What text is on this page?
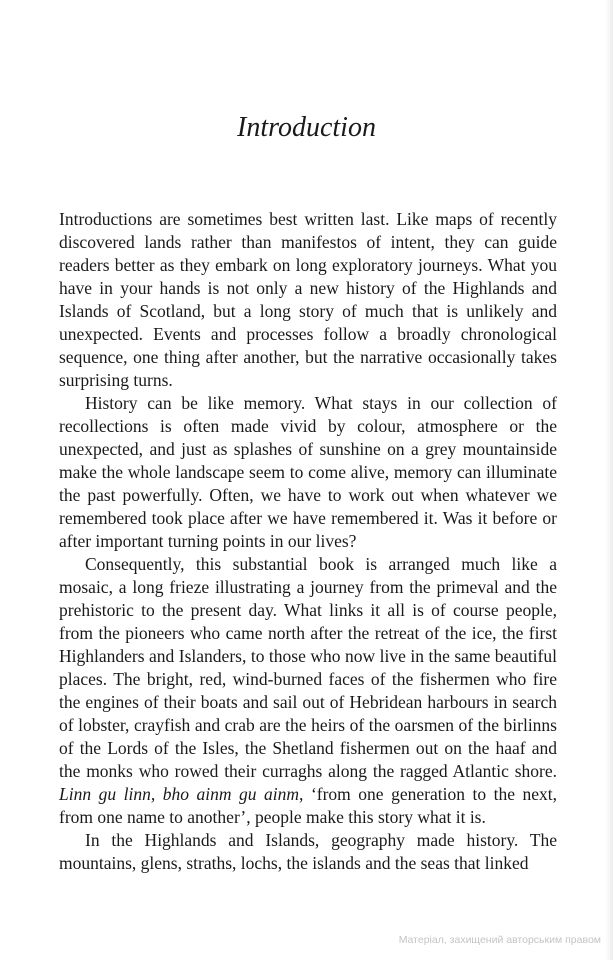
Introduction

Introductions are sometimes best written last. Like maps of recently discovered lands rather than manifestos of intent, they can guide readers better as they embark on long exploratory journeys. What you have in your hands is not only a new history of the Highlands and Islands of Scotland, but a long story of much that is unlikely and unexpected. Events and processes follow a broadly chronological sequence, one thing after another, but the narrative occasionally takes surprising turns.

History can be like memory. What stays in our collection of recollections is often made vivid by colour, atmosphere or the unexpected, and just as splashes of sunshine on a grey mountainside make the whole landscape seem to come alive, memory can illuminate the past powerfully. Often, we have to work out when whatever we remembered took place after we have remembered it. Was it before or after important turning points in our lives?

Consequently, this substantial book is arranged much like a mosaic, a long frieze illustrating a journey from the primeval and the prehistoric to the present day. What links it all is of course people, from the pioneers who came north after the retreat of the ice, the first Highlanders and Islanders, to those who now live in the same beautiful places. The bright, red, wind-burned faces of the fishermen who fire the engines of their boats and sail out of Hebridean harbours in search of lobster, crayfish and crab are the heirs of the oarsmen of the birlinns of the Lords of the Isles, the Shetland fishermen out on the haaf and the monks who rowed their curraghs along the ragged Atlantic shore. Linn gu linn, bho ainm gu ainm, ‘from one generation to the next, from one name to another’, people make this story what it is.

In the Highlands and Islands, geography made history. The mountains, glens, straths, lochs, the islands and the seas that linked

Матеріал, захищений авторським правом
